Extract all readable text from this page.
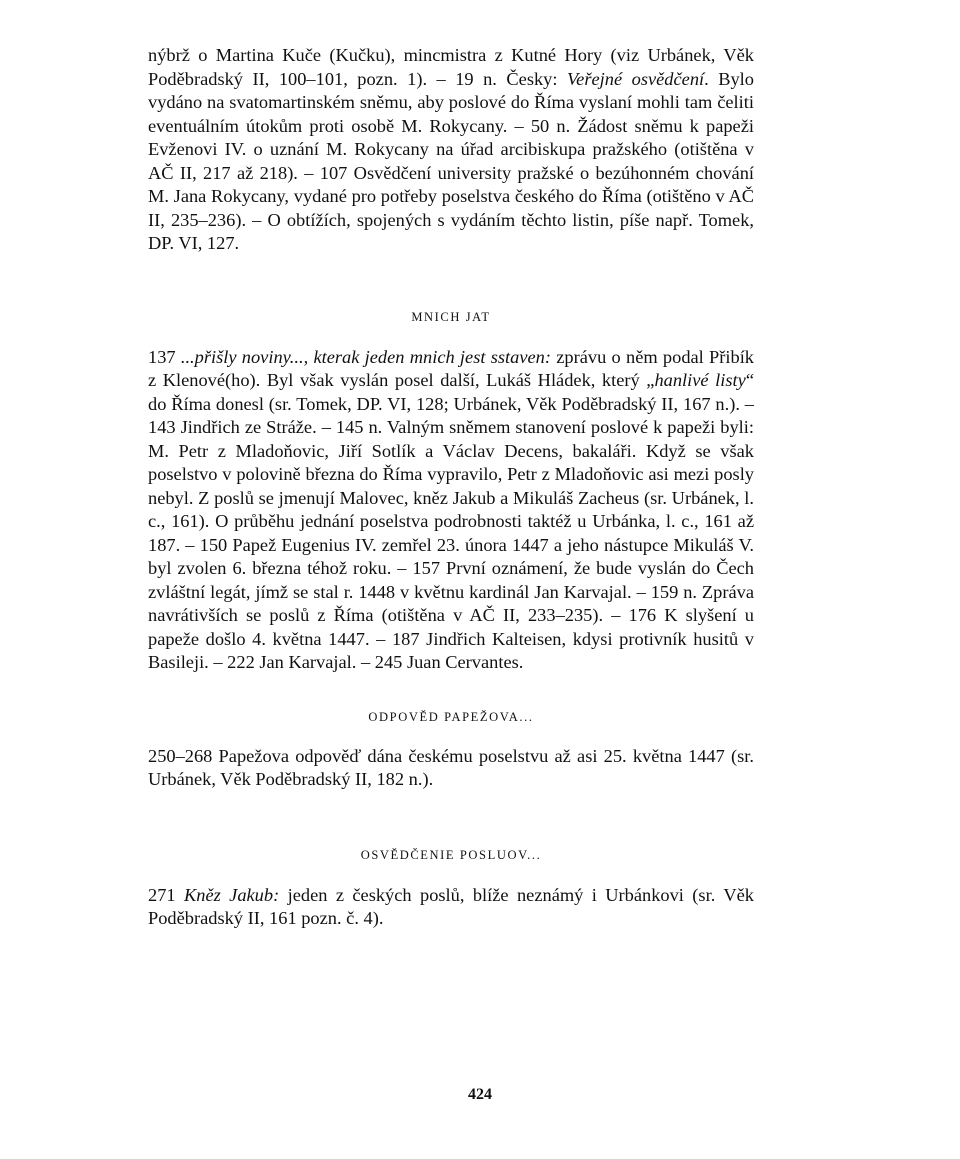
nýbrž o Martina Kuče (Kučku), mincmistra z Kutné Hory (viz Urbánek, Věk Poděbradský II, 100–101, pozn. 1). – 19 n. Česky: Veřejné osvědčení. Bylo vydáno na svatomartinském sněmu, aby poslové do Říma vyslaní mohli tam čeliti eventuálním útokům proti osobě M. Rokycany. – 50 n. Žádost sněmu k papeži Evženovi IV. o uznání M. Rokycany na úřad arcibiskupa pražského (otištěna v AČ II, 217 až 218). – 107 Osvědčení university pražské o bezúhonném chování M. Jana Rokycany, vydané pro potřeby poselstva českého do Říma (otištěno v AČ II, 235–236). – O obtížích, spojených s vydáním těchto listin, píše např. Tomek, DP. VI, 127.

MNICH JAT

137 ...přišly noviny..., kterak jeden mnich jest sstaven: zprávu o něm podal Přibík z Klenové(ho). Byl však vyslán posel další, Lukáš Hládek, který „hanlivé listy“ do Říma donesl (sr. Tomek, DP. VI, 128; Urbánek, Věk Poděbradský II, 167 n.). – 143 Jindřich ze Stráže. – 145 n. Valným sněmem stanovení poslové k papeži byli: M. Petr z Mladoňovic, Jiří Sotlík a Václav Decens, bakaláři. Když se však poselstvo v polovině března do Říma vypravilo, Petr z Mladoňovic asi mezi posly nebyl. Z poslů se jmenují Malovec, kněz Jakub a Mikuláš Zacheus (sr. Urbánek, l. c., 161). O průběhu jednání poselstva podrobnosti taktéž u Urbánka, l. c., 161 až 187. – 150 Papež Eugenius IV. zemřel 23. února 1447 a jeho nástupce Mikuláš V. byl zvolen 6. března téhož roku. – 157 První oznámení, že bude vyslán do Čech zvláštní legát, jímž se stal r. 1448 v květnu kardinál Jan Karvajal. – 159 n. Zpráva navrátivších se poslů z Říma (otištěna v AČ II, 233–235). – 176 K slyšení u papeže došlo 4. května 1447. – 187 Jindřich Kalteisen, kdysi protivník husitů v Basileji. – 222 Jan Karvajal. – 245 Juan Cervantes.

ODPOVĚD PAPEŽOVA...

250–268 Papežova odpověď dána českému poselstvu až asi 25. května 1447 (sr. Urbánek, Věk Poděbradský II, 182 n.).

OSVĚDČENIE POSLUOV...

271 Kněz Jakub: jeden z českých poslů, blíže neznámý i Urbánkovi (sr. Věk Poděbradský II, 161 pozn. č. 4).

424
